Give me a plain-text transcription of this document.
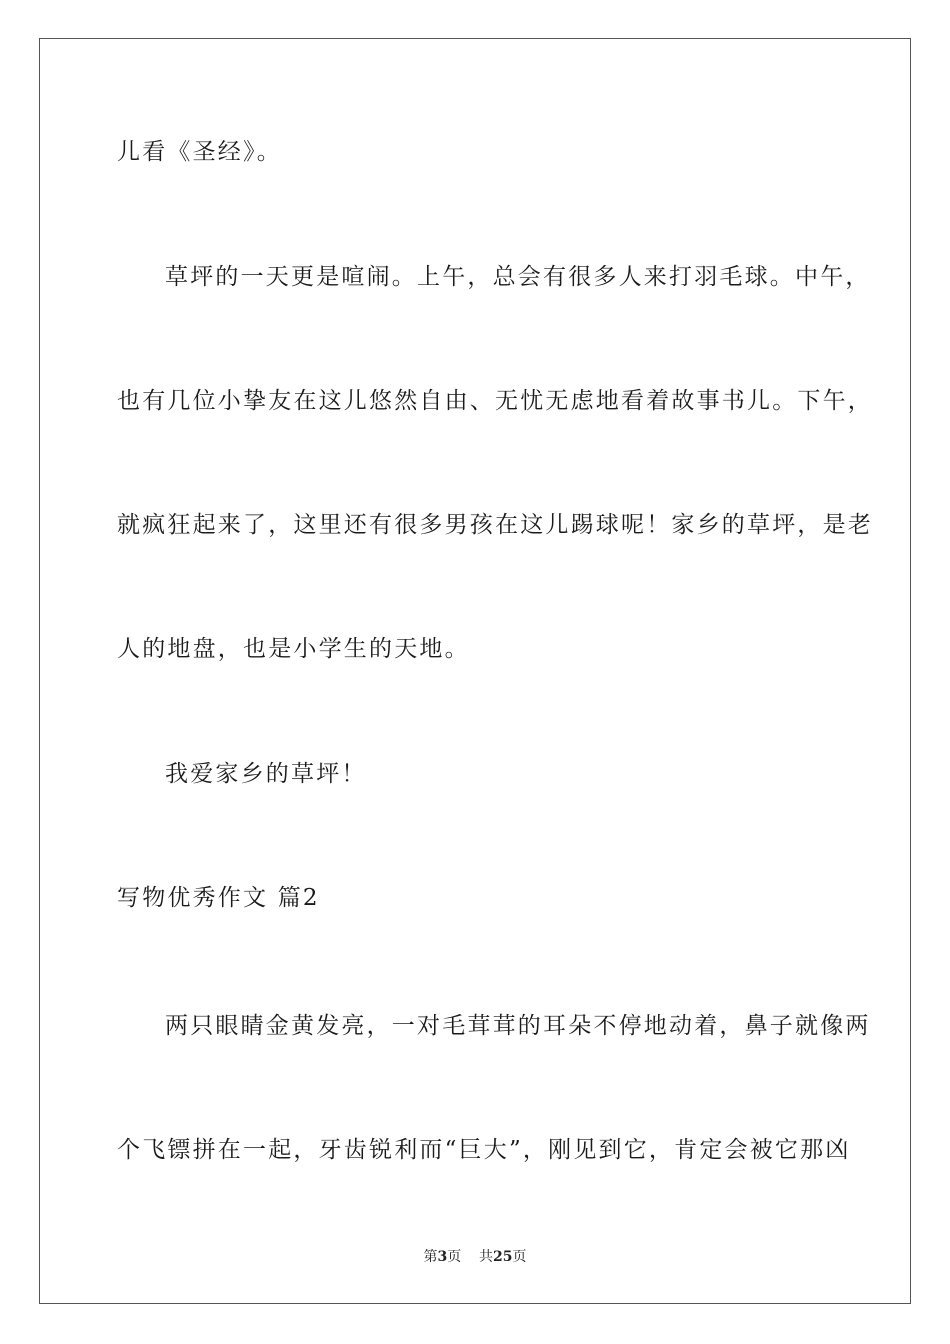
儿看《圣经》。
草坪的一天更是喧闹。上午，总会有很多人来打羽毛球。中午，
也有几位小挚友在这儿悠然自由、无忧无虑地看着故事书儿。下午，
就疯狂起来了，这里还有很多男孩在这儿踢球呢！家乡的草坪，是老
人的地盘，也是小学生的天地。
我爱家乡的草坪！
写物优秀作文 篇2
两只眼睛金黄发亮，一对毛茸茸的耳朵不停地动着，鼻子就像两
个飞镖拼在一起，牙齿锐利而“巨大”，刚见到它，肯定会被它那凶
第3页 共25页
